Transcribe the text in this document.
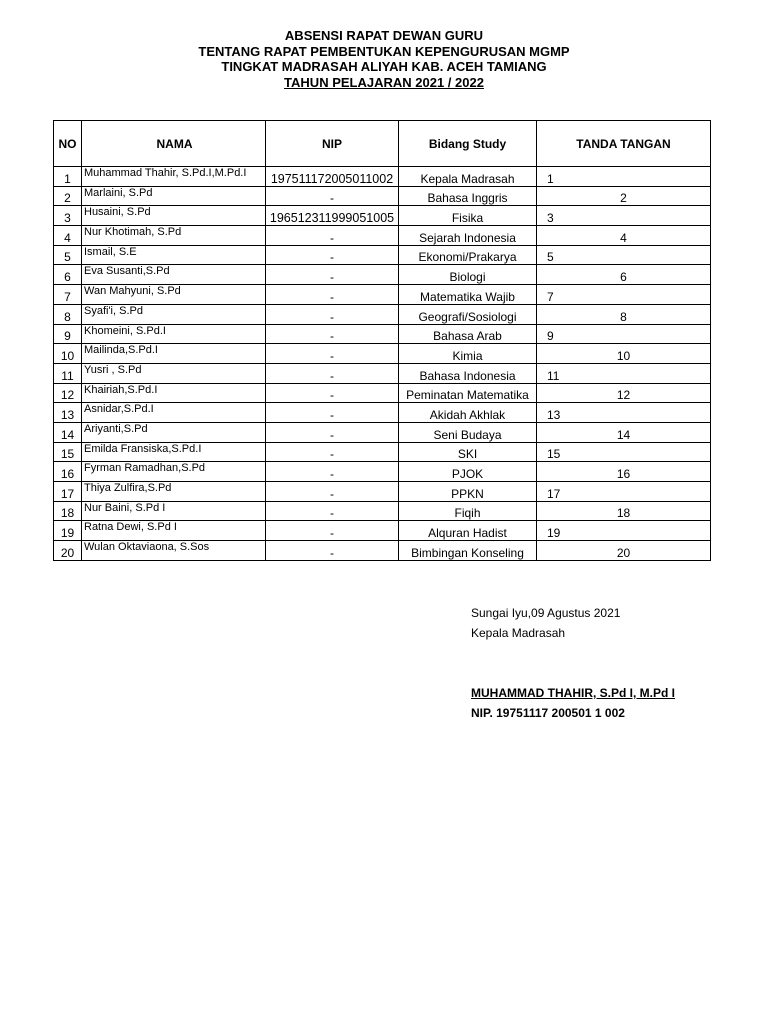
ABSENSI RAPAT DEWAN GURU
TENTANG RAPAT PEMBENTUKAN KEPENGURUSAN MGMP
TINGKAT MADRASAH ALIYAH KAB. ACEH TAMIANG
TAHUN PELAJARAN 2021 / 2022
NO	NAMA	NIP	Bidang Study	TANDA TANGAN
1	Muhammad Thahir, S.Pd.I,M.Pd.I	197511172005011002	Kepala Madrasah	1
2	Marlaini, S.Pd	-	Bahasa Inggris	2
3	Husaini, S.Pd	196512311999051005	Fisika	3
4	Nur Khotimah, S.Pd	-	Sejarah Indonesia	4
5	Ismail, S.E	-	Ekonomi/Prakarya	5
6	Eva Susanti,S.Pd	-	Biologi	6
7	Wan Mahyuni, S.Pd	-	Matematika Wajib	7
8	Syafi'i, S.Pd	-	Geografi/Sosiologi	8
9	Khomeini, S.Pd.I	-	Bahasa Arab	9
10	Mailinda,S.Pd.I	-	Kimia	10
11	Yusri , S.Pd	-	Bahasa Indonesia	11
12	Khairiah,S.Pd.I	-	Peminatan Matematika	12
13	Asnidar,S.Pd.I	-	Akidah Akhlak	13
14	Ariyanti,S.Pd	-	Seni Budaya	14
15	Emilda Fransiska,S.Pd.I	-	SKI	15
16	Fyrman Ramadhan,S.Pd	-	PJOK	16
17	Thiya Zulfira,S.Pd	-	PPKN	17
18	Nur Baini, S.Pd I	-	Fiqih	18
19	Ratna Dewi, S.Pd I	-	Alquran Hadist	19
20	Wulan Oktaviaona, S.Sos	-	Bimbingan Konseling	20
Sungai Iyu,09 Agustus 2021
Kepala Madrasah
MUHAMMAD THAHIR, S.Pd I, M.Pd I
NIP. 19751117 200501 1 002
